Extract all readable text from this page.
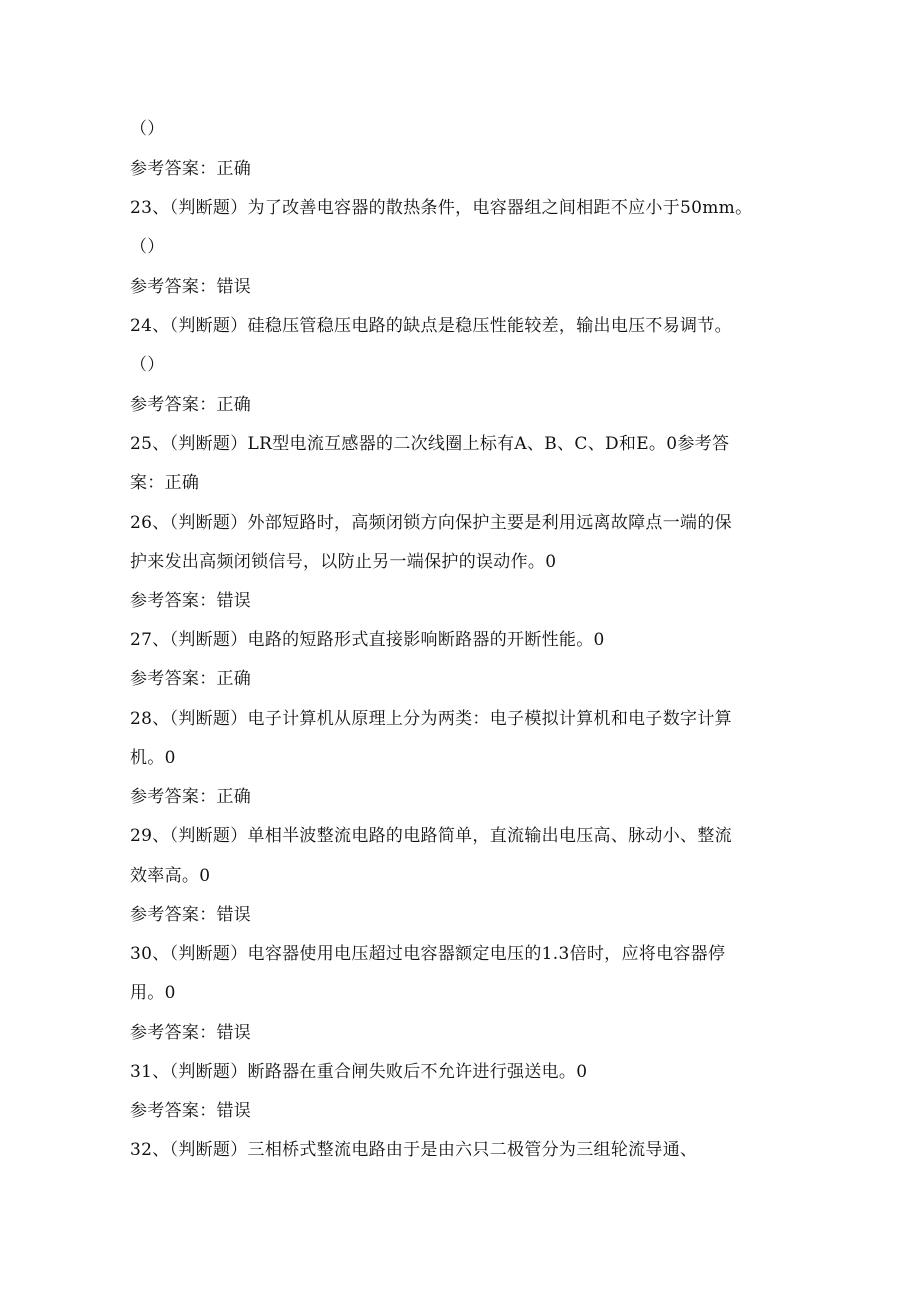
（）
参考答案：正确
23、（判断题）为了改善电容器的散热条件，电容器组之间相距不应小于50mm。
（）
参考答案：错误
24、（判断题）硅稳压管稳压电路的缺点是稳压性能较差，输出电压不易调节。
（）
参考答案：正确
25、（判断题）LR型电流互感器的二次线圈上标有A、B、C、D和E。0参考答
案：正确
26、（判断题）外部短路时，高频闭锁方向保护主要是利用远离故障点一端的保
护来发出高频闭锁信号，以防止另一端保护的误动作。0
参考答案：错误
27、（判断题）电路的短路形式直接影响断路器的开断性能。0
参考答案：正确
28、（判断题）电子计算机从原理上分为两类：电子模拟计算机和电子数字计算
机。0
参考答案：正确
29、（判断题）单相半波整流电路的电路简单，直流输出电压高、脉动小、整流
效率高。0
参考答案：错误
30、（判断题）电容器使用电压超过电容器额定电压的1.3倍时，应将电容器停
用。0
参考答案：错误
31、（判断题）断路器在重合闸失败后不允许进行强送电。0
参考答案：错误
32、（判断题）三相桥式整流电路由于是由六只二极管分为三组轮流导通、
